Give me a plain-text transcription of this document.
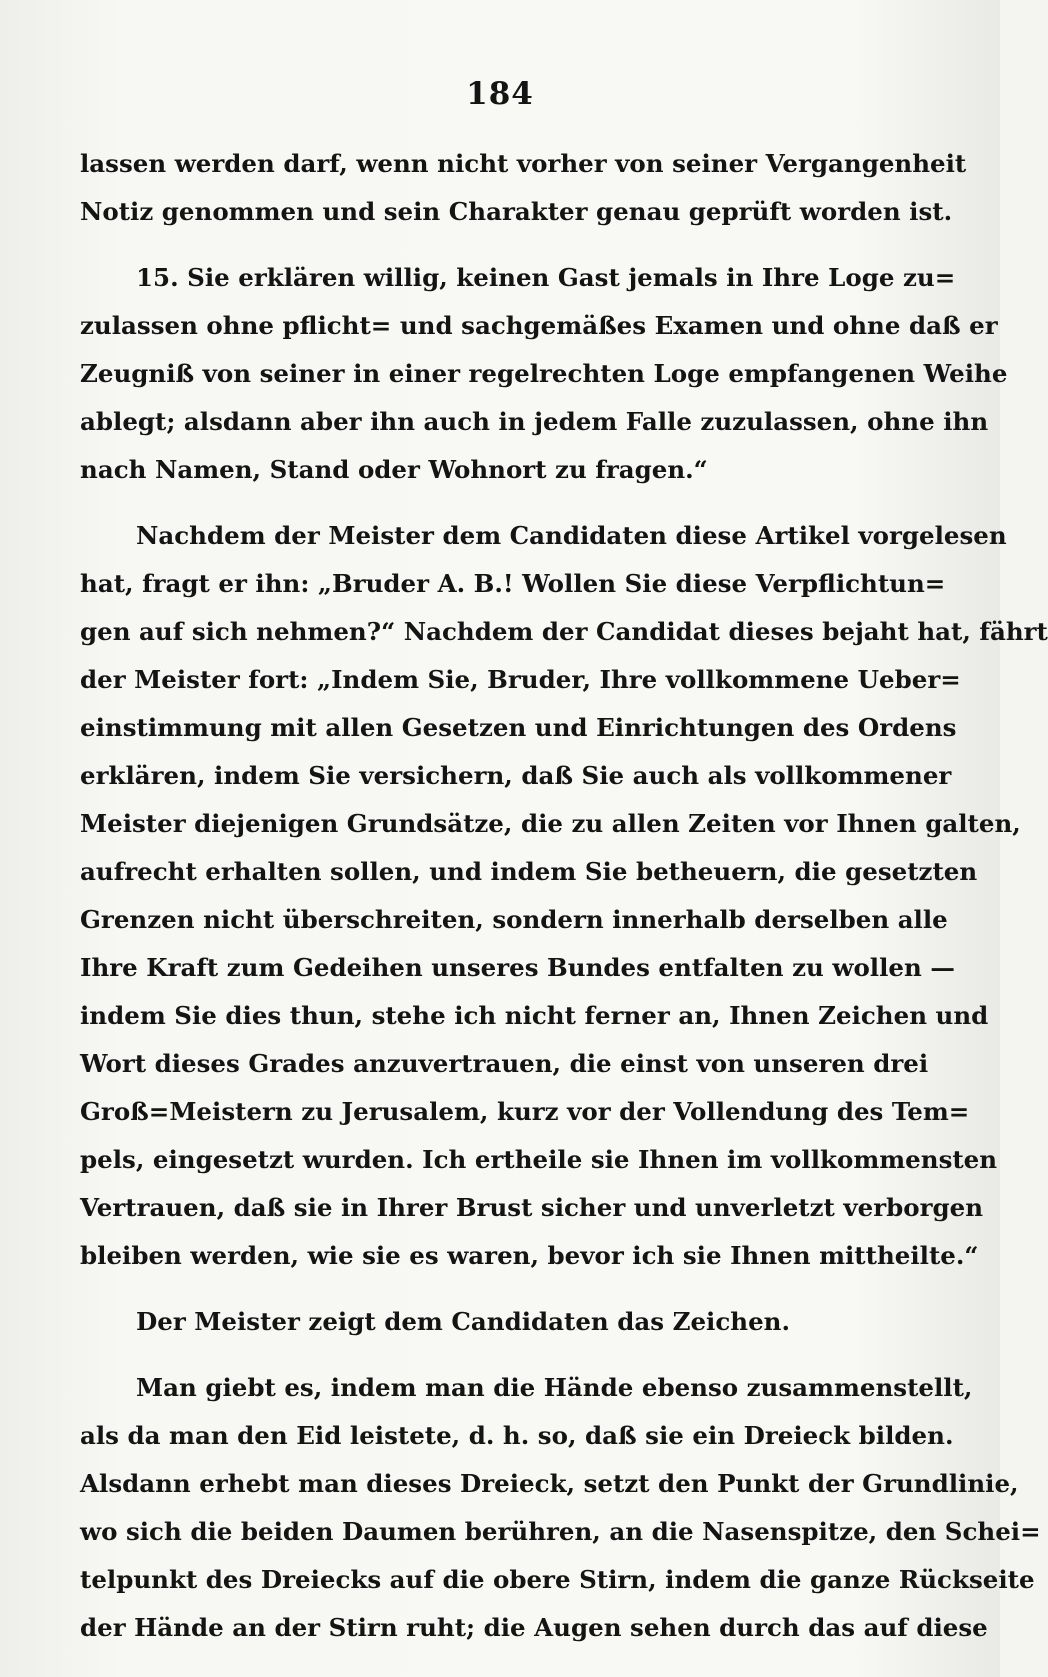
184
lassen werden darf, wenn nicht vorher von seiner Vergangenheit
Notiz genommen und sein Charakter genau geprüft worden ist.
15. Sie erklären willig, keinen Gast jemals in Ihre Loge zu=
zulassen ohne pflicht= und sachgemäßes Examen und ohne daß er
Zeugniß von seiner in einer regelrechten Loge empfangenen Weihe
ablegt; alsdann aber ihn auch in jedem Falle zuzulassen, ohne ihn
nach Namen, Stand oder Wohnort zu fragen.“
Nachdem der Meister dem Candidaten diese Artikel vorgelesen
hat, fragt er ihn: „Bruder A. B.! Wollen Sie diese Verpflichtun=
gen auf sich nehmen?“ Nachdem der Candidat dieses bejaht hat, fährt
der Meister fort: „Indem Sie, Bruder, Ihre vollkommene Ueber=
einstimmung mit allen Gesetzen und Einrichtungen des Ordens
erklären, indem Sie versichern, daß Sie auch als vollkommener
Meister diejenigen Grundsätze, die zu allen Zeiten vor Ihnen galten,
aufrecht erhalten sollen, und indem Sie betheuern, die gesetzten
Grenzen nicht überschreiten, sondern innerhalb derselben alle
Ihre Kraft zum Gedeihen unseres Bundes entfalten zu wollen —
indem Sie dies thun, stehe ich nicht ferner an, Ihnen Zeichen und
Wort dieses Grades anzuvertrauen, die einst von unseren drei
Groß=Meistern zu Jerusalem, kurz vor der Vollendung des Tem=
pels, eingesetzt wurden. Ich ertheile sie Ihnen im vollkommensten
Vertrauen, daß sie in Ihrer Brust sicher und unverletzt verborgen
bleiben werden, wie sie es waren, bevor ich sie Ihnen mittheilte.“
Der Meister zeigt dem Candidaten das Zeichen.
Man giebt es, indem man die Hände ebenso zusammenstellt,
als da man den Eid leistete, d. h. so, daß sie ein Dreieck bilden.
Alsdann erhebt man dieses Dreieck, setzt den Punkt der Grundlinie,
wo sich die beiden Daumen berühren, an die Nasenspitze, den Schei=
telpunkt des Dreiecks auf die obere Stirn, indem die ganze Rückseite
der Hände an der Stirn ruht; die Augen sehen durch das auf diese
